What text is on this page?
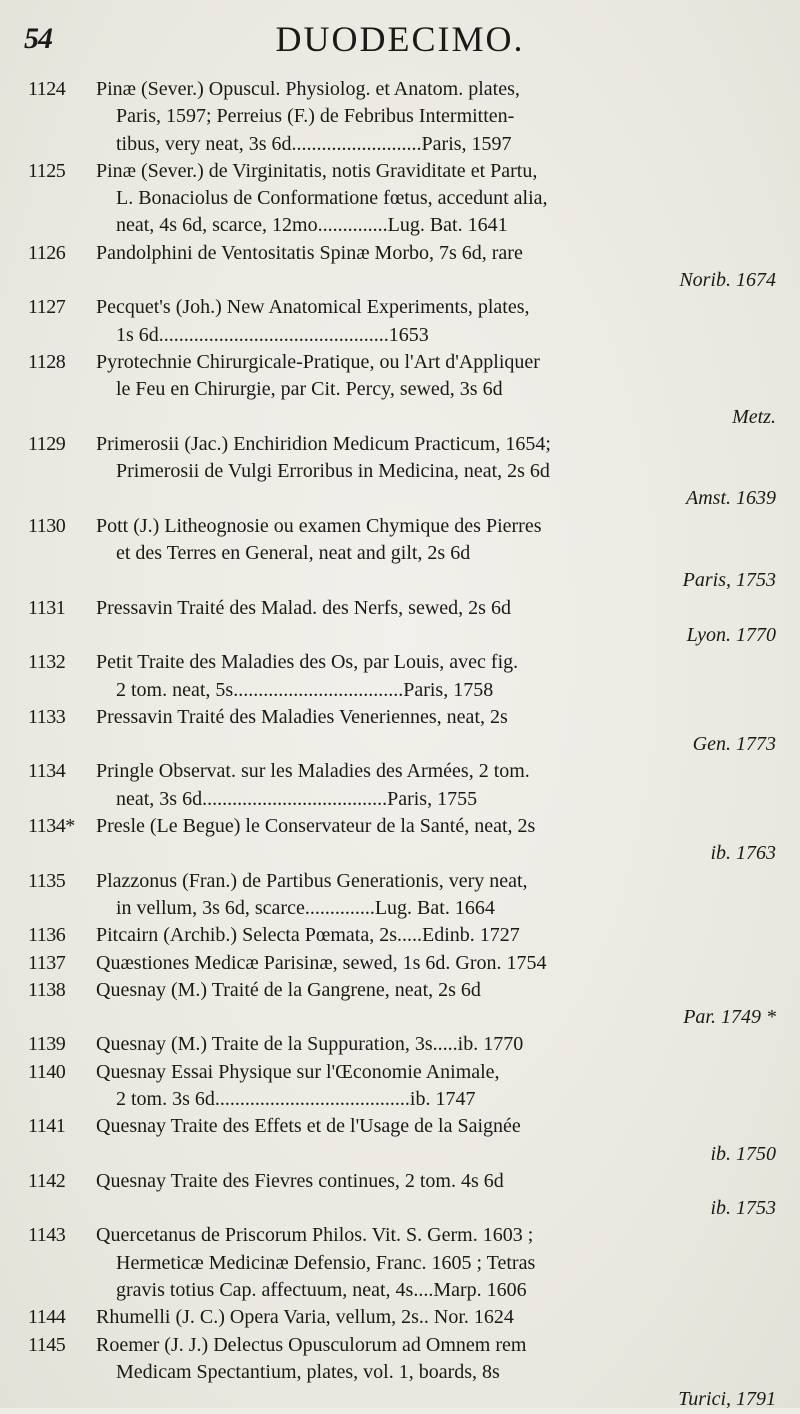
54	DUODECIMO.
1124	Pinæ (Sever.) Opuscul. Physiolog. et Anatom. plates,
Paris, 1597; Perreius (F.) de Febribus Intermitten-
tibus, very neat, 3s 6d..........................Paris, 1597
1125	Pinæ (Sever.) de Virginitatis, notis Graviditate et Partu,
L. Bonaciolus de Conformatione fœtus, accedunt alia,
neat, 4s 6d, scarce, 12mo..............Lug. Bat. 1641
1126	Pandolphini de Ventositatis Spinæ Morbo, 7s 6d, rare
Norib. 1674
1127	Pecquet's (Joh.) New Anatomical Experiments, plates,
1s 6d..............................................1653
1128	Pyrotechnie Chirurgicale-Pratique, ou l'Art d'Appliquer
le Feu en Chirurgie, par Cit. Percy, sewed, 3s 6d
Metz.
1129	Primerosii (Jac.) Enchiridion Medicum Practicum, 1654;
Primerosii de Vulgi Erroribus in Medicina, neat, 2s 6d
Amst. 1639
1130	Pott (J.) Litheognosie ou examen Chymique des Pierres
et des Terres en General, neat and gilt, 2s 6d
Paris, 1753
1131	Pressavin Traité des Malad. des Nerfs, sewed, 2s 6d
Lyon. 1770
1132	Petit Traite des Maladies des Os, par Louis, avec fig.
2 tom. neat, 5s..................................Paris, 1758
1133	Pressavin Traité des Maladies Veneriennes, neat, 2s
Gen. 1773
1134	Pringle Observat. sur les Maladies des Armées, 2 tom.
neat, 3s 6d.....................................Paris, 1755
1134*	Presle (Le Begue) le Conservateur de la Santé, neat, 2s
ib. 1763
1135	Plazzonus (Fran.) de Partibus Generationis, very neat,
in vellum, 3s 6d, scarce..............Lug. Bat. 1664
1136	Pitcairn (Archib.) Selecta Pœmata, 2s.....Edinb. 1727
1137	Quæstiones Medicæ Parisinæ, sewed, 1s 6d. Gron. 1754
1138	Quesnay (M.) Traité de la Gangrene, neat, 2s 6d
Par. 1749 *
1139	Quesnay (M.) Traite de la Suppuration, 3s.....ib. 1770
1140	Quesnay Essai Physique sur l'Œconomie Animale,
2 tom. 3s 6d.......................................ib. 1747
1141	Quesnay Traite des Effets et de l'Usage de la Saignée
ib. 1750
1142	Quesnay Traite des Fievres continues, 2 tom. 4s 6d
ib. 1753
1143	Quercetanus de Priscorum Philos. Vit. S. Germ. 1603 ;
Hermeticæ Medicinæ Defensio, Franc. 1605 ; Tetras
gravis totius Cap. affectuum, neat, 4s....Marp. 1606
1144	Rhumelli (J. C.) Opera Varia, vellum, 2s.. Nor. 1624
1145	Roemer (J. J.) Delectus Opusculorum ad Omnem rem
Medicam Spectantium, plates, vol. 1, boards, 8s
Turici, 1791
